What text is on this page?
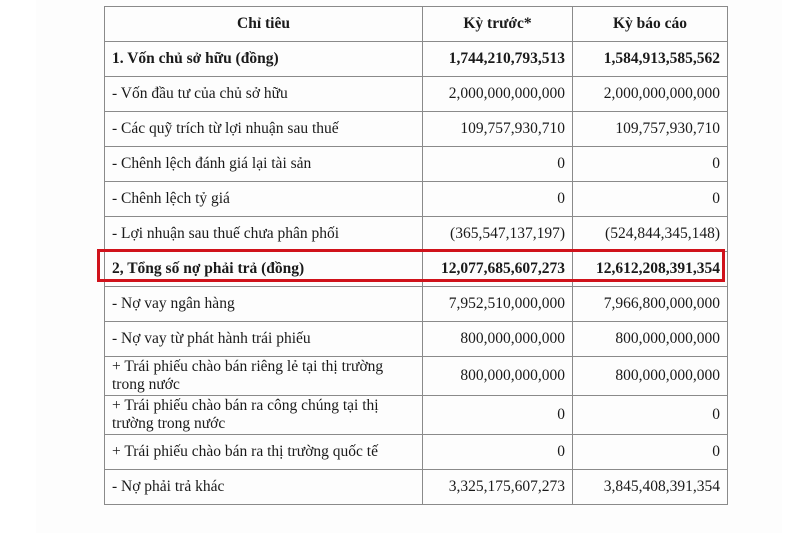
Chỉ tiêu	Kỳ trước*	Kỳ báo cáo
1. Vốn chủ sở hữu (đồng)	1,744,210,793,513	1,584,913,585,562
- Vốn đầu tư của chủ sở hữu	2,000,000,000,000	2,000,000,000,000
- Các quỹ trích từ lợi nhuận sau thuế	109,757,930,710	109,757,930,710
- Chênh lệch đánh giá lại tài sản	0	0
- Chênh lệch tỷ giá	0	0
- Lợi nhuận sau thuế chưa phân phối	(365,547,137,197)	(524,844,345,148)
2, Tổng số nợ phải trả (đồng)	12,077,685,607,273	12,612,208,391,354
- Nợ vay ngân hàng	7,952,510,000,000	7,966,800,000,000
- Nợ vay từ phát hành trái phiếu	800,000,000,000	800,000,000,000
+ Trái phiếu chào bán riêng lẻ tại thị trường trong nước	800,000,000,000	800,000,000,000
+ Trái phiếu chào bán ra công chúng tại thị trường trong nước	0	0
+ Trái phiếu chào bán ra thị trường quốc tế	0	0
- Nợ phải trả khác	3,325,175,607,273	3,845,408,391,354
